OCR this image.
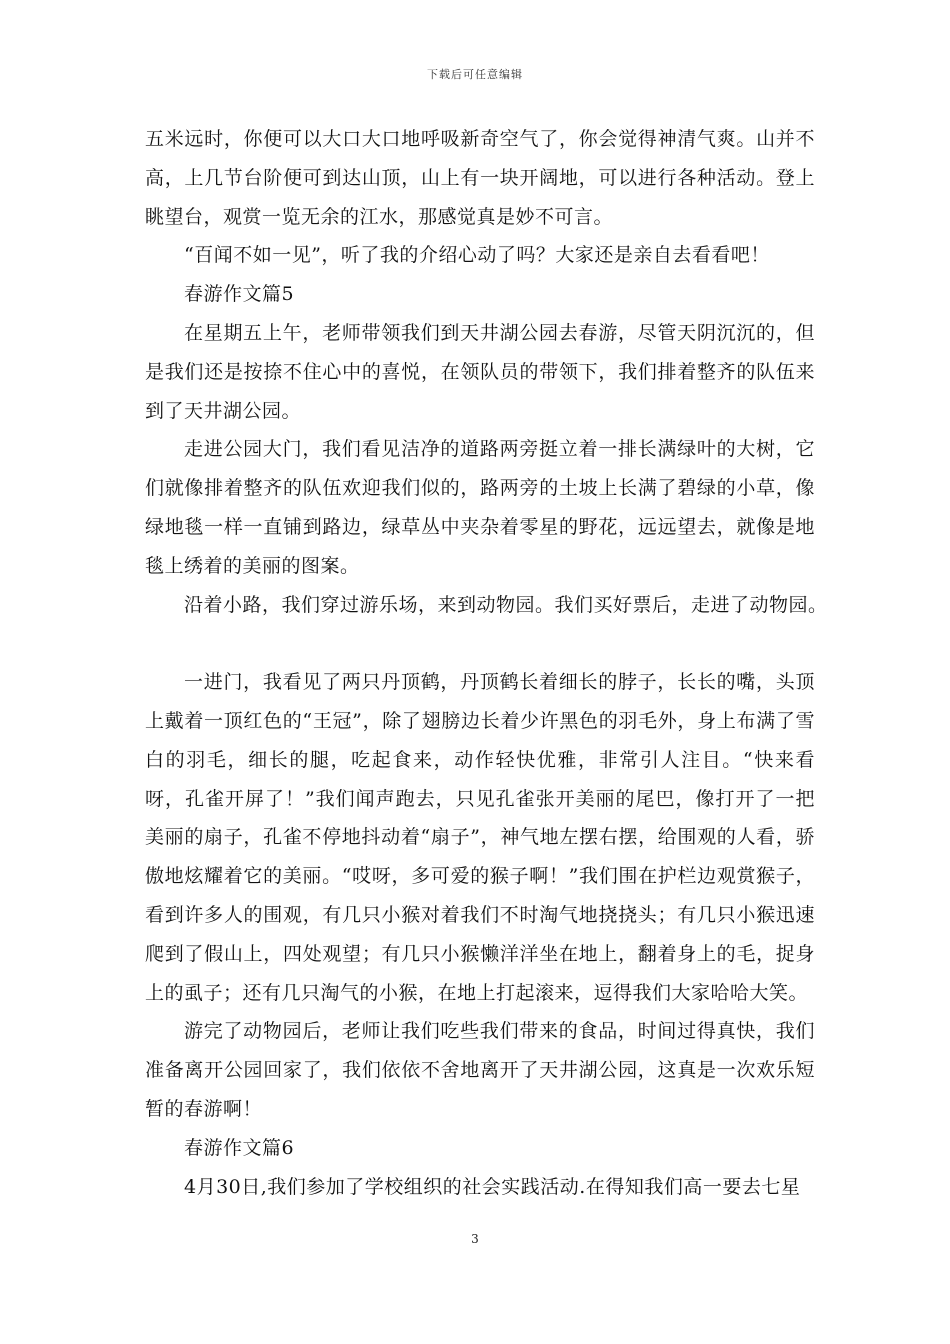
下载后可任意编辑

五米远时，你便可以大口大口地呼吸新奇空气了，你会觉得神清气爽。山并不高，上几节台阶便可到达山顶，山上有一块开阔地，可以进行各种活动。登上眺望台，观赏一览无余的江水，那感觉真是妙不可言。

“百闻不如一见”，听了我的介绍心动了吗？大家还是亲自去看看吧！

春游作文篇5

在星期五上午，老师带领我们到天井湖公园去春游，尽管天阴沉沉的，但是我们还是按捺不住心中的喜悦，在领队员的带领下，我们排着整齐的队伍来到了天井湖公园。

走进公园大门，我们看见洁净的道路两旁挺立着一排长满绿叶的大树，它们就像排着整齐的队伍欢迎我们似的，路两旁的土坡上长满了碧绿的小草，像绿地毯一样一直铺到路边，绿草丛中夹杂着零星的野花，远远望去，就像是地毯上绣着的美丽的图案。

沿着小路，我们穿过游乐场，来到动物园。我们买好票后，走进了动物园。

一进门，我看见了两只丹顶鹤，丹顶鹤长着细长的脖子，长长的嘴，头顶上戴着一顶红色的“王冠”，除了翅膀边长着少许黑色的羽毛外，身上布满了雪白的羽毛，细长的腿，吃起食来，动作轻快优雅，非常引人注目。“快来看呀，孔雀开屏了！”我们闻声跑去，只见孔雀张开美丽的尾巴，像打开了一把美丽的扇子，孔雀不停地抖动着“扇子”，神气地左摆右摆，给围观的人看，骄傲地炫耀着它的美丽。“哎呀，多可爱的猴子啊！”我们围在护栏边观赏猴子，看到许多人的围观，有几只小猴对着我们不时淘气地挠挠头；有几只小猴迅速爬到了假山上，四处观望；有几只小猴懒洋洋坐在地上，翻着身上的毛，捉身上的虱子；还有几只淘气的小猴，在地上打起滚来，逗得我们大家哈哈大笑。

游完了动物园后，老师让我们吃些我们带来的食品，时间过得真快，我们准备离开公园回家了，我们依依不舍地离开了天井湖公园，这真是一次欢乐短暂的春游啊！

春游作文篇6

4月30日,我们参加了学校组织的社会实践活动.在得知我们高一要去七星

3
